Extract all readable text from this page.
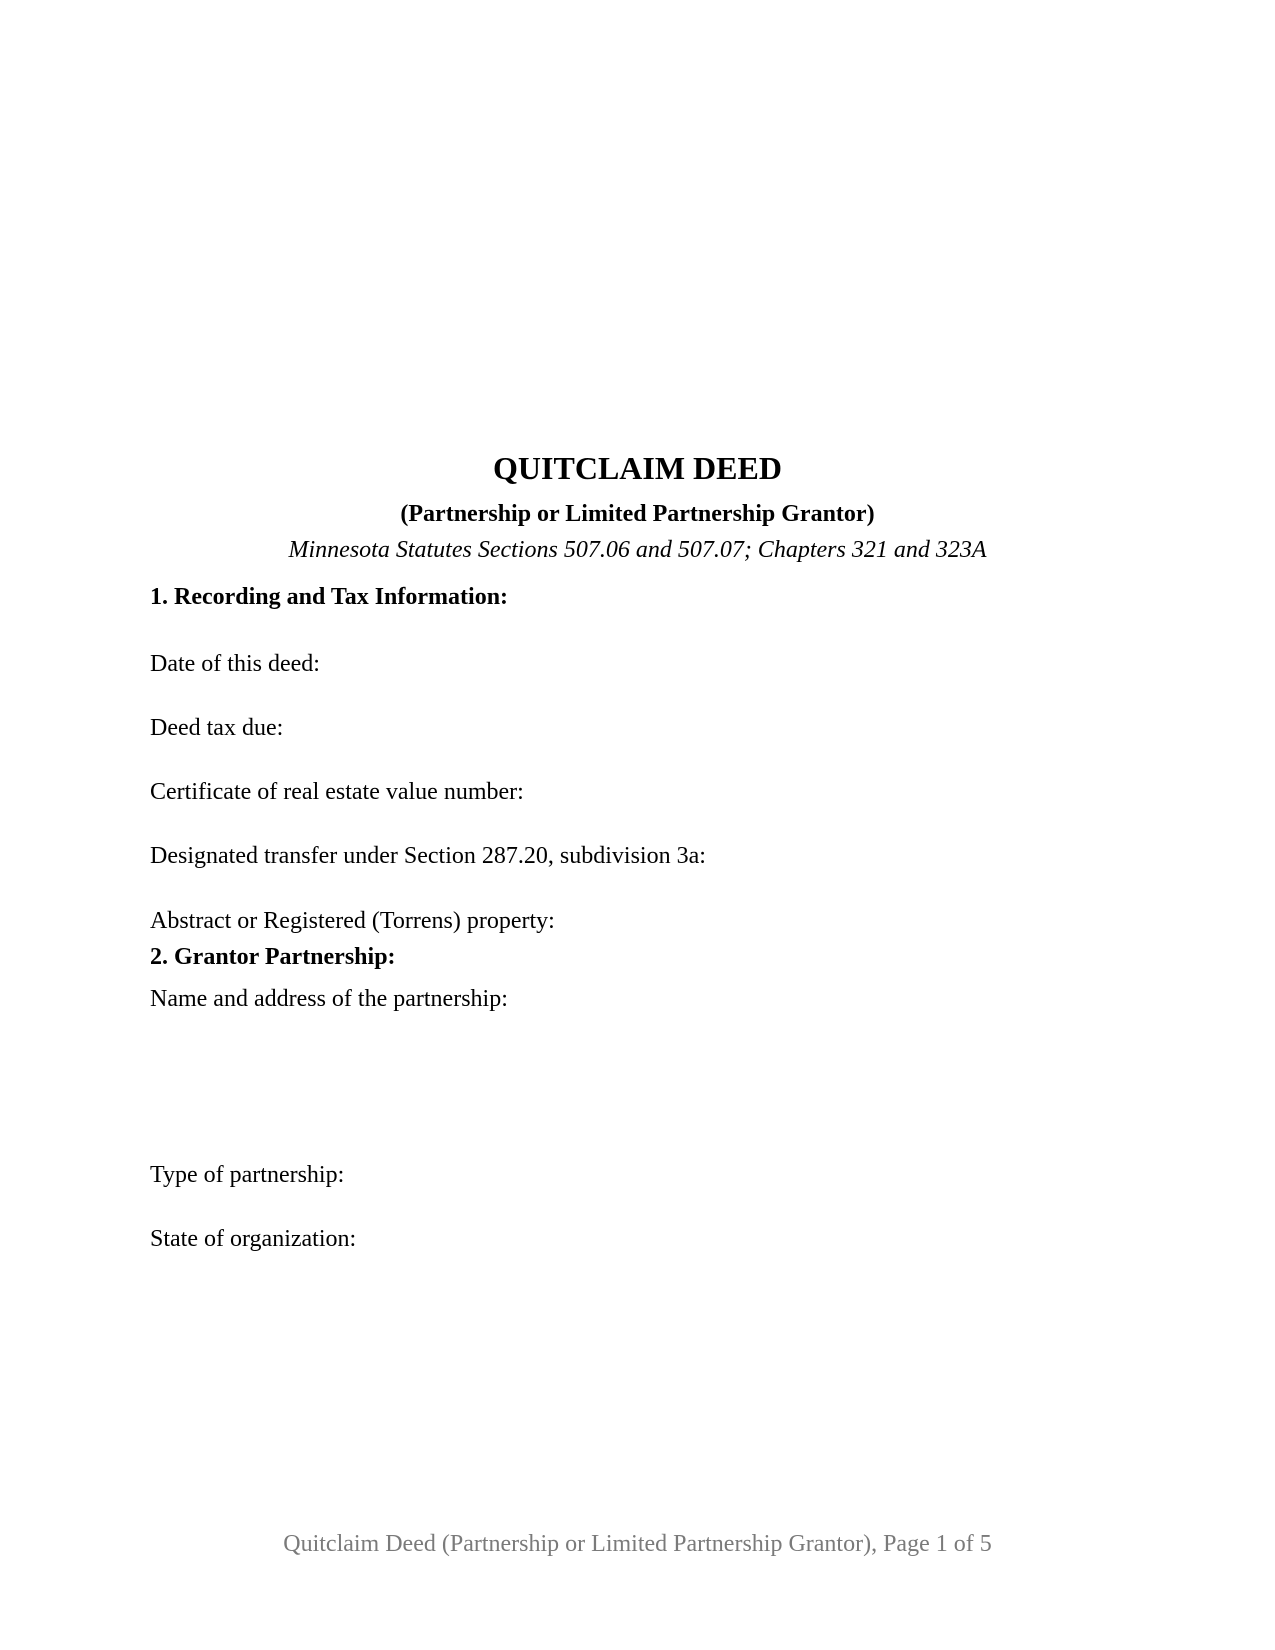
QUITCLAIM DEED
(Partnership or Limited Partnership Grantor)
Minnesota Statutes Sections 507.06 and 507.07; Chapters 321 and 323A
1. Recording and Tax Information:
Date of this deed:
Deed tax due:
Certificate of real estate value number:
Designated transfer under Section 287.20, subdivision 3a:
Abstract or Registered (Torrens) property:
2. Grantor Partnership:
Name and address of the partnership:
Type of partnership:
State of organization:
Quitclaim Deed (Partnership or Limited Partnership Grantor), Page 1 of 5
